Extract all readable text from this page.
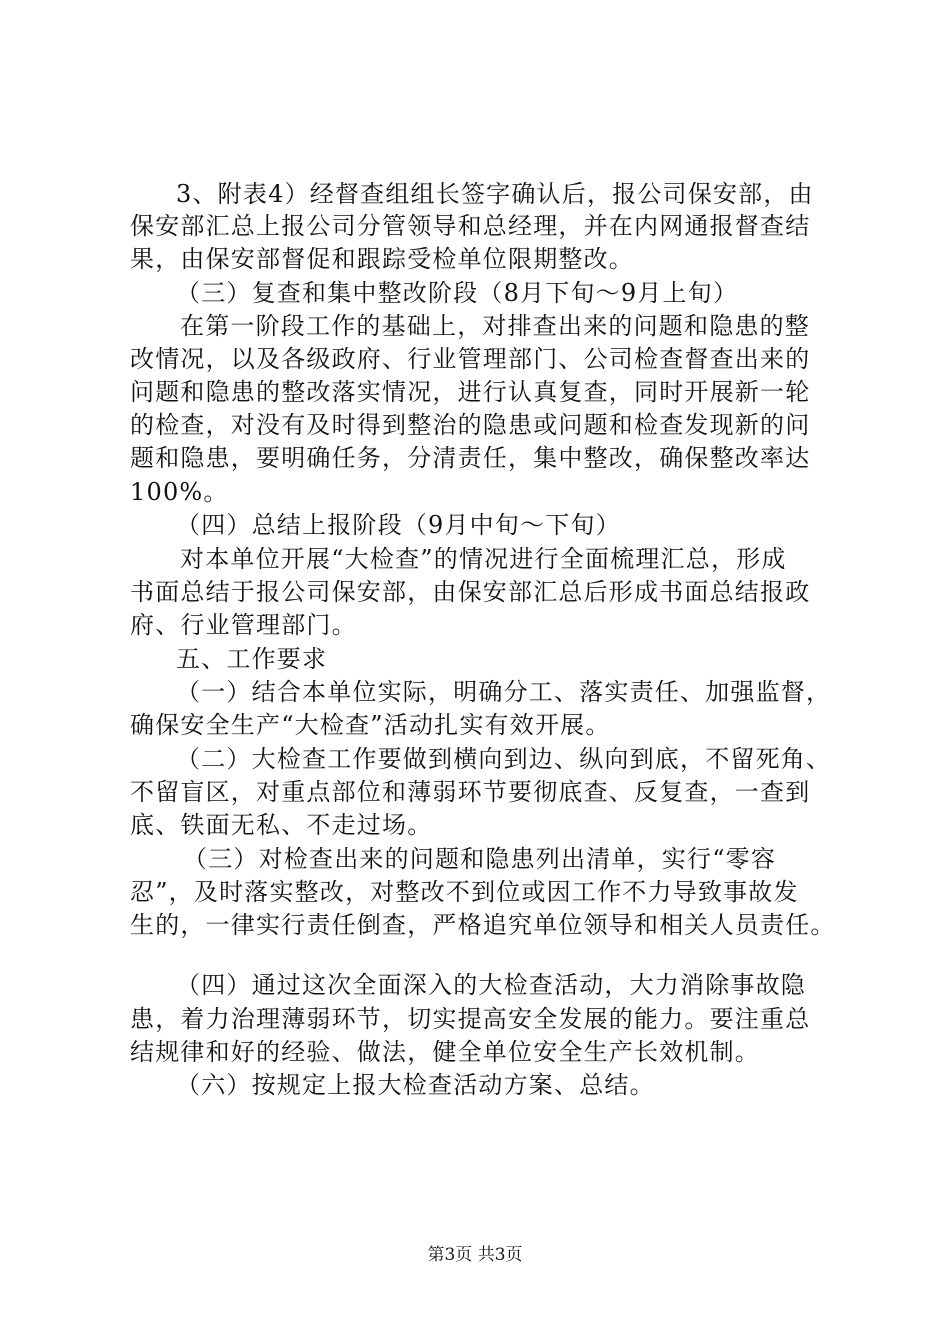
3、附表4）经督查组组长签字确认后，报公司保安部，由
保安部汇总上报公司分管领导和总经理，并在内网通报督查结
果，由保安部督促和跟踪受检单位限期整改。
（三）复查和集中整改阶段（8月下旬～9月上旬）
在第一阶段工作的基础上，对排查出来的问题和隐患的整
改情况，以及各级政府、行业管理部门、公司检查督查出来的
问题和隐患的整改落实情况，进行认真复查，同时开展新一轮
的检查，对没有及时得到整治的隐患或问题和检查发现新的问
题和隐患，要明确任务，分清责任，集中整改，确保整改率达
100%。
（四）总结上报阶段（9月中旬～下旬）
对本单位开展“大检查”的情况进行全面梳理汇总，形成
书面总结于报公司保安部，由保安部汇总后形成书面总结报政
府、行业管理部门。
五、工作要求
（一）结合本单位实际，明确分工、落实责任、加强监督，
确保安全生产“大检查”活动扎实有效开展。
（二）大检查工作要做到横向到边、纵向到底，不留死角、
不留盲区，对重点部位和薄弱环节要彻底查、反复查，一查到
底、铁面无私、不走过场。
（三）对检查出来的问题和隐患列出清单，实行“零容
忍”，及时落实整改，对整改不到位或因工作不力导致事故发
生的，一律实行责任倒查，严格追究单位领导和相关人员责任。
（四）通过这次全面深入的大检查活动，大力消除事故隐
患，着力治理薄弱环节，切实提高安全发展的能力。要注重总
结规律和好的经验、做法，健全单位安全生产长效机制。
（六）按规定上报大检查活动方案、总结。
第3页 共3页
